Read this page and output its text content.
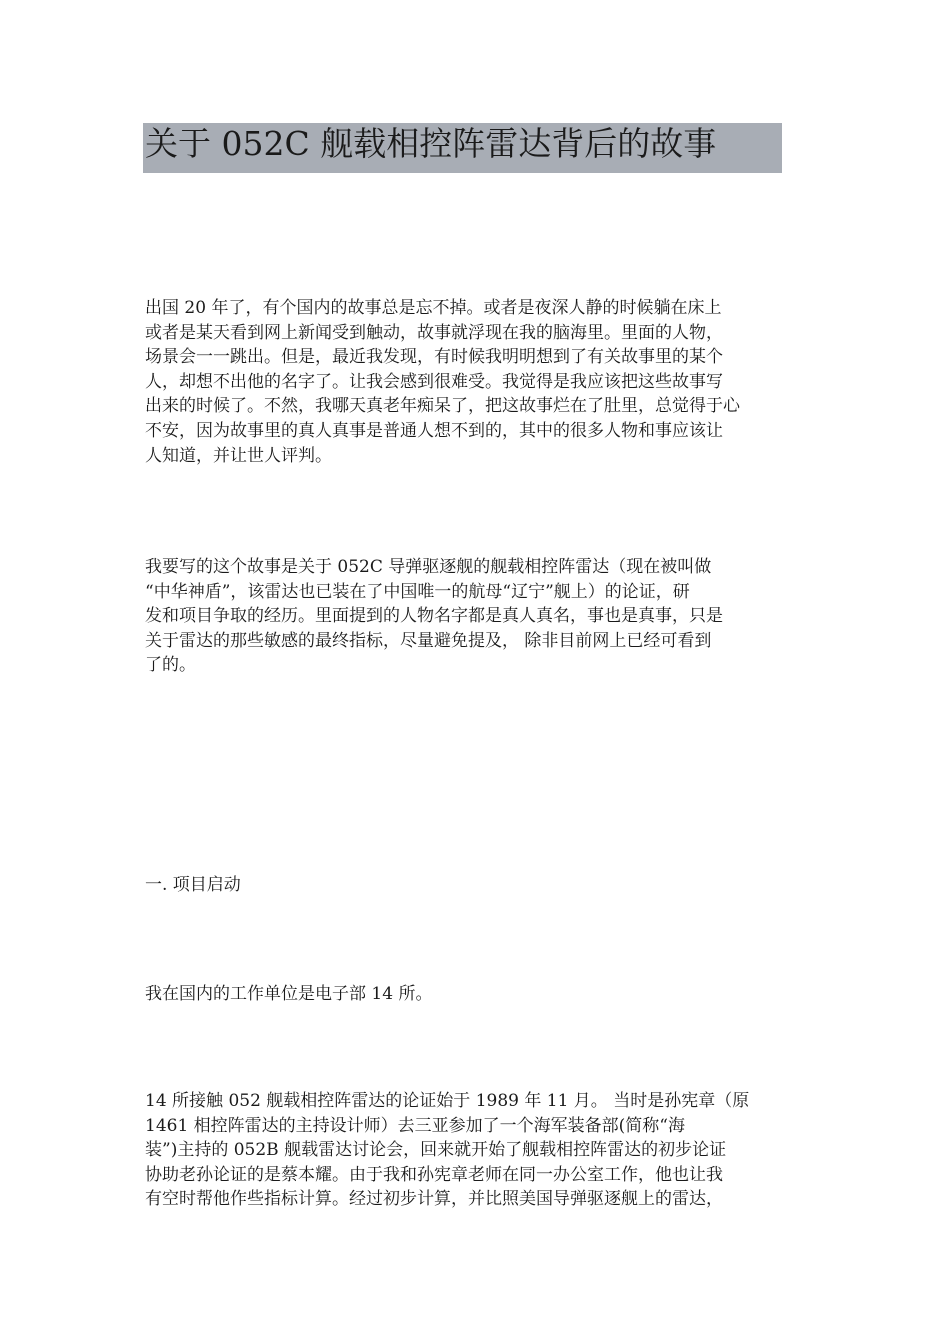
关于 052C 舰载相控阵雷达背后的故事

出国 20 年了，有个国内的故事总是忘不掉。或者是夜深人静的时候躺在床上
或者是某天看到网上新闻受到触动，故事就浮现在我的脑海里。里面的人物，
场景会一一跳出。但是，最近我发现，有时候我明明想到了有关故事里的某个
人，却想不出他的名字了。让我会感到很难受。我觉得是我应该把这些故事写
出来的时候了。不然，我哪天真老年痴呆了，把这故事烂在了肚里，总觉得于心
不安，因为故事里的真人真事是普通人想不到的，其中的很多人物和事应该让
人知道，并让世人评判。

我要写的这个故事是关于 052C 导弹驱逐舰的舰载相控阵雷达（现在被叫做
“中华神盾”，该雷达也已装在了中国唯一的航母“辽宁”舰上）的论证，研
发和项目争取的经历。里面提到的人物名字都是真人真名，事也是真事，只是
关于雷达的那些敏感的最终指标，尽量避免提及， 除非目前网上已经可看到
了的。

一. 项目启动

我在国内的工作单位是电子部 14 所。

14 所接触 052 舰载相控阵雷达的论证始于 1989 年 11 月。 当时是孙宪章（原
1461 相控阵雷达的主持设计师）去三亚参加了一个海军装备部(简称“海
装”)主持的 052B 舰载雷达讨论会，回来就开始了舰载相控阵雷达的初步论证
协助老孙论证的是蔡本耀。由于我和孙宪章老师在同一办公室工作，他也让我
有空时帮他作些指标计算。经过初步计算，并比照美国导弹驱逐舰上的雷达，
